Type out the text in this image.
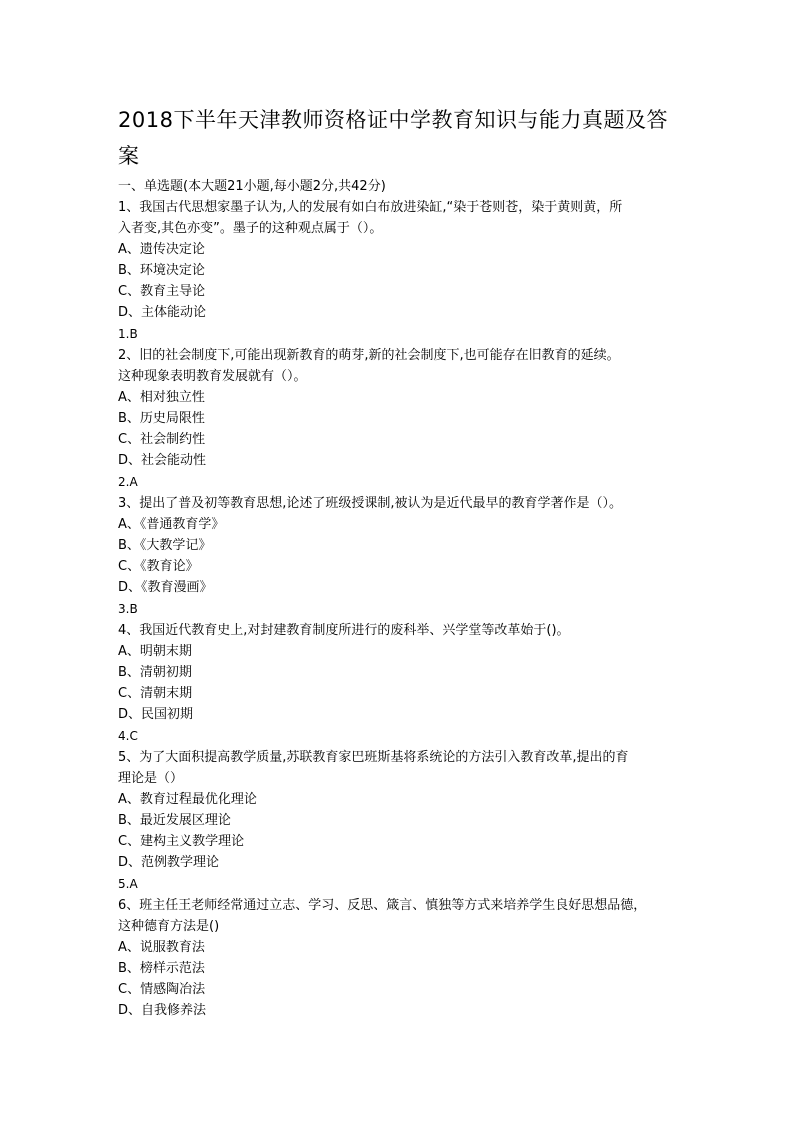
2018下半年天津教师资格证中学教育知识与能力真题及答
案
一、单选题(本大题21小题,每小题2分,共42分)
1、我国古代思想家墨子认为,人的发展有如白布放进染缸,“染于苍则苍，染于黄则黄，所
入者变,其色亦变”。墨子的这种观点属于（）。
A、遗传决定论
B、环境决定论
C、教育主导论
D、主体能动论
1.B
2、旧的社会制度下,可能出现新教育的萌芽,新的社会制度下,也可能存在旧教育的延续。
这种现象表明教育发展就有（）。
A、相对独立性
B、历史局限性
C、社会制约性
D、社会能动性
2.A
3、提出了普及初等教育思想,论述了班级授课制,被认为是近代最早的教育学著作是（）。
A、《普通教育学》
B、《大教学记》
C、《教育论》
D、《教育漫画》
3.B
4、我国近代教育史上,对封建教育制度所进行的废科举、兴学堂等改革始于()。
A、明朝末期
B、清朝初期
C、清朝末期
D、民国初期
4.C
5、为了大面积提高教学质量,苏联教育家巴班斯基将系统论的方法引入教育改革,提出的育
理论是（）
A、教育过程最优化理论
B、最近发展区理论
C、建构主义教学理论
D、范例教学理论
5.A
6、班主任王老师经常通过立志、学习、反思、箴言、慎独等方式来培养学生良好思想品德，
这种德育方法是()
A、说服教育法
B、榜样示范法
C、情感陶冶法
D、自我修养法
